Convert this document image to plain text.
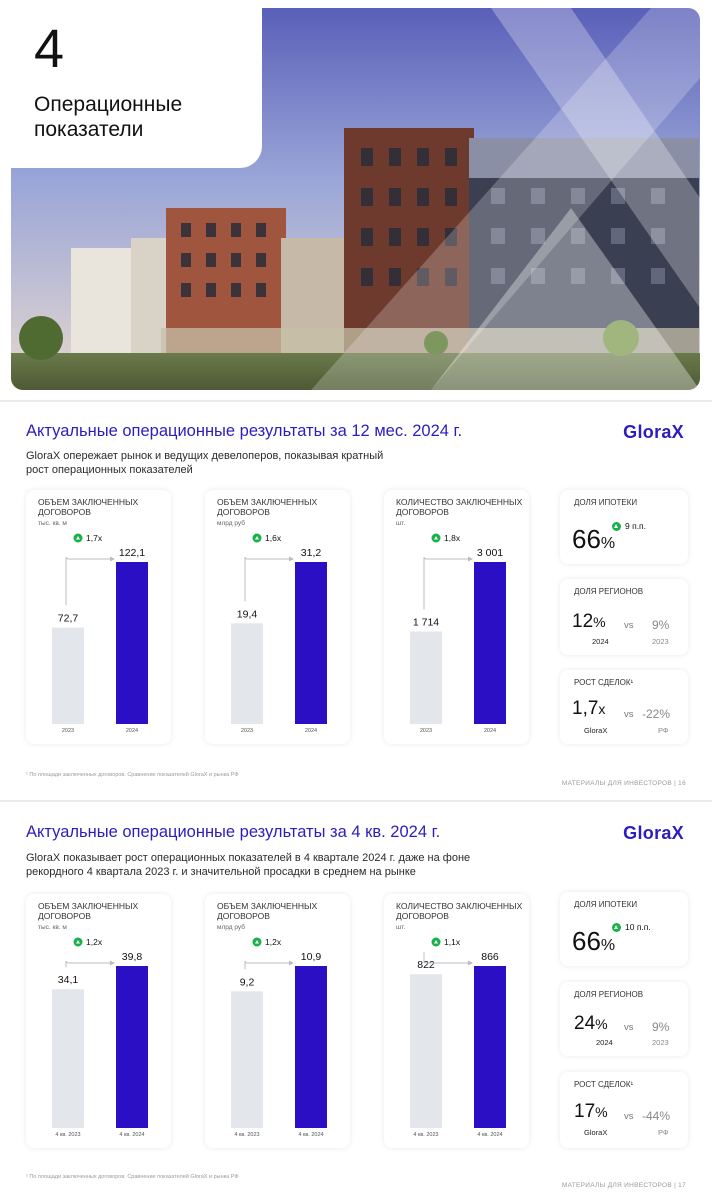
4
Операционные показатели
Актуальные операционные результаты за 12 мес. 2024 г.	GloraX
GloraX опережает рынок и ведущих девелоперов, показывая кратный
рост операционных показателей
ОБЪЕМ ЗАКЛЮЧЕННЫХ ДОГОВОРОВ
тыс. кв. м
72,7
2023
122,1
2024
1,7x
ОБЪЕМ ЗАКЛЮЧЕННЫХ ДОГОВОРОВ
млрд руб
19,4
2023
31,2
2024
1,6x
КОЛИЧЕСТВО ЗАКЛЮЧЕННЫХ ДОГОВОРОВ
шт.
1 714
2023
3 001
2024
1,8x
ДОЛЯ ИПОТЕКИ
9 п.п.
66%
ДОЛЯ РЕГИОНОВ
12% vs 9%
2024	2023
РОСТ СДЕЛОК¹
1,7x vs -22%
GloraX	РФ
¹ По площади заключенных договоров. Сравнение показателей GloraX и рынка РФ
МАТЕРИАЛЫ ДЛЯ ИНВЕСТОРОВ | 16
Актуальные операционные результаты за 4 кв. 2024 г.	GloraX
GloraX показывает рост операционных показателей в 4 квартале 2024 г. даже на фоне
рекордного 4 квартала 2023 г. и значительной просадки в среднем на рынке
ОБЪЕМ ЗАКЛЮЧЕННЫХ ДОГОВОРОВ
тыс. кв. м
34,1
4 кв. 2023
39,8
4 кв. 2024
1,2x
ОБЪЕМ ЗАКЛЮЧЕННЫХ ДОГОВОРОВ
млрд руб
9,2
4 кв. 2023
10,9
4 кв. 2024
1,2x
КОЛИЧЕСТВО ЗАКЛЮЧЕННЫХ ДОГОВОРОВ
шт.
822
4 кв. 2023
866
4 кв. 2024
1,1x
ДОЛЯ ИПОТЕКИ
10 п.п.
66%
ДОЛЯ РЕГИОНОВ
24% vs 9%
2024	2023
РОСТ СДЕЛОК¹
17% vs -44%
GloraX	РФ
¹ По площади заключенных договоров. Сравнение показателей GloraX и рынка РФ
МАТЕРИАЛЫ ДЛЯ ИНВЕСТОРОВ | 17
